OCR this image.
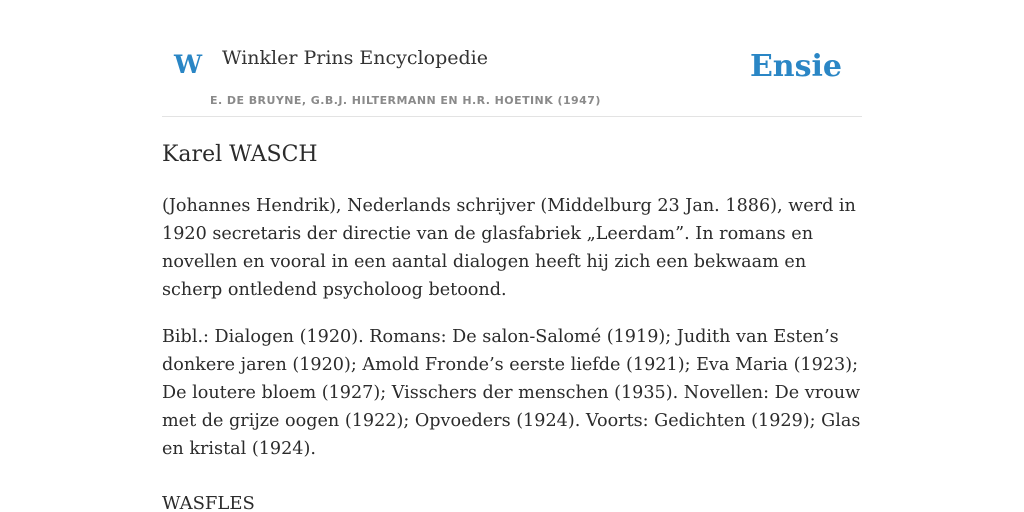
W Winkler Prins Encyclopedie
E. DE BRUYNE, G.B.J. HILTERMANN EN H.R. HOETINK (1947)
Ensie
Karel WASCH

(Johannes Hendrik), Nederlands schrijver (Middelburg 23 Jan. 1886), werd in 1920 secretaris der directie van de glasfabriek „Leerdam”. In romans en novellen en vooral in een aantal dialogen heeft hij zich een bekwaam en scherp ontledend psycholoog betoond.

Bibl.: Dialogen (1920). Romans: De salon-Salomé (1919); Judith van Esten’s donkere jaren (1920); Amold Fronde’s eerste liefde (1921); Eva Maria (1923); De loutere bloem (1927); Visschers der menschen (1935). Novellen: De vrouw met de grijze oogen (1922); Opvoeders (1924). Voorts: Gedichten (1929); Glas en kristal (1924).

WASFLES
